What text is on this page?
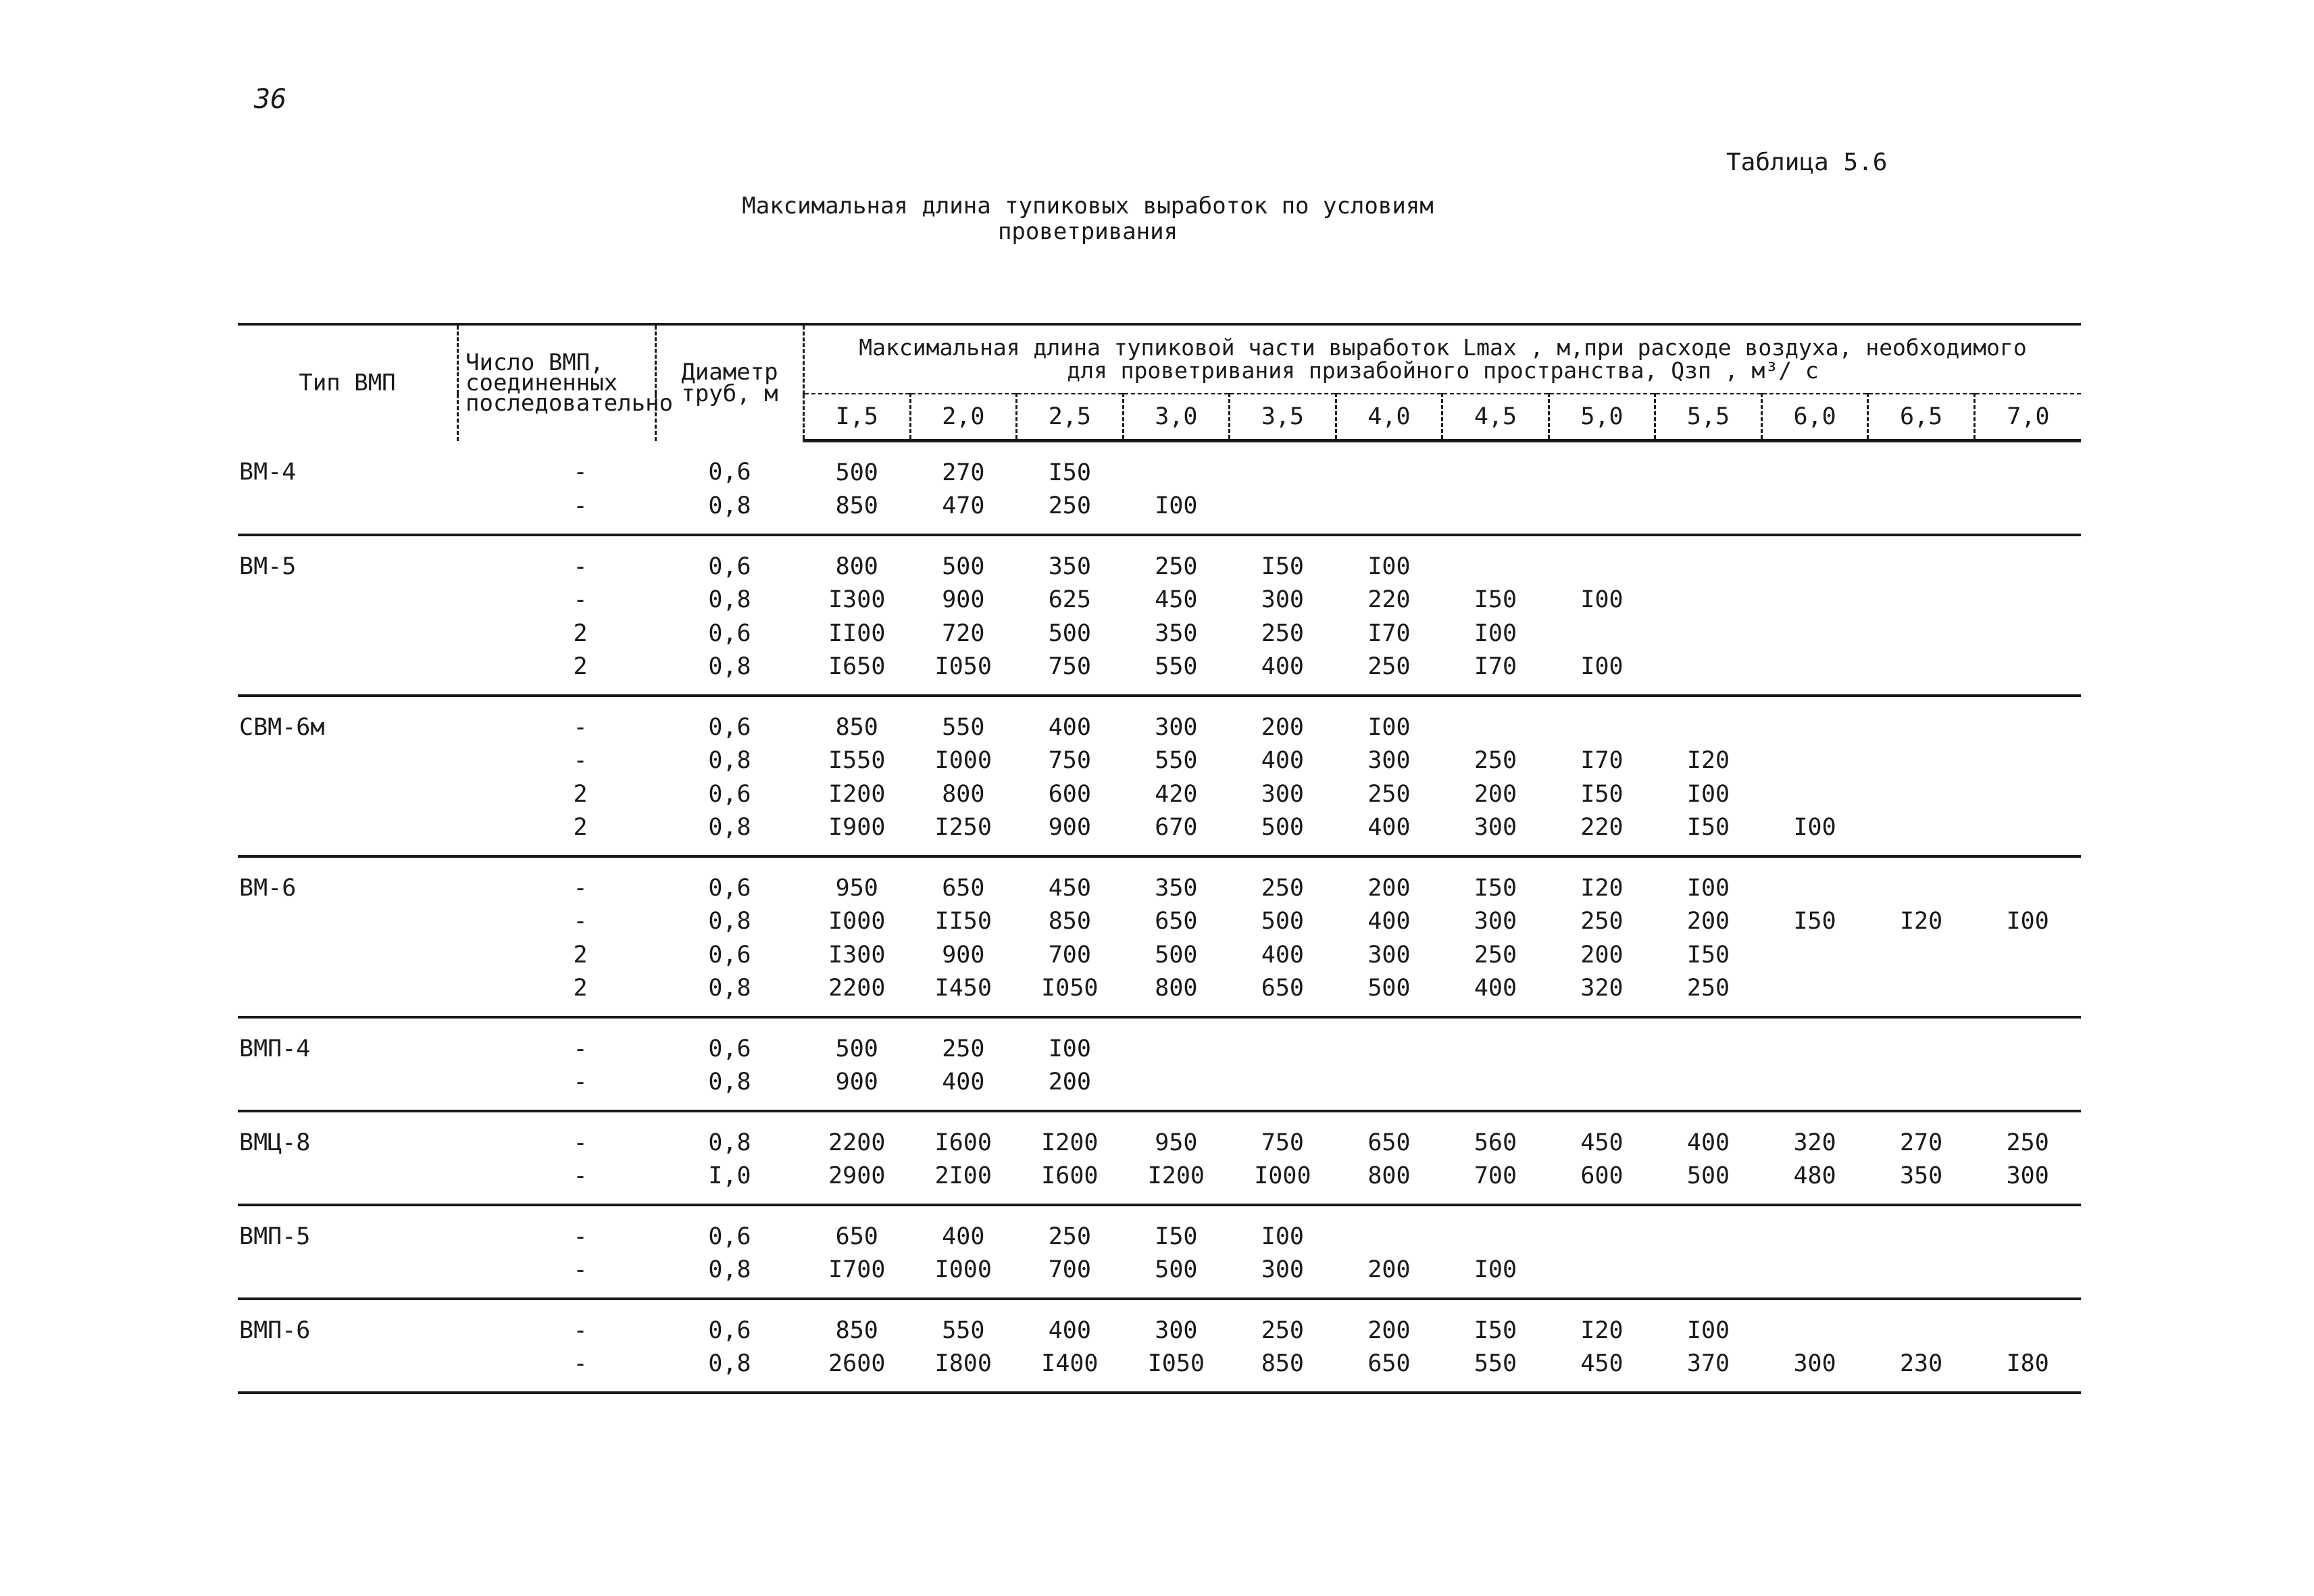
36
Таблица 5.6
Максимальная длина тупиковых выработок по условиям
проветривания
Тип ВМП	Число ВМП, соединенных последовательно	Диаметр труб, м	Максимальная длина тупиковой части выработок Lmax , м,при расходе воздуха, необходимого
для проветривания призабойного пространства, Qзп , м³/ с											

			I,5	2,0	2,5	3,0	3,5	4,0	4,5	5,0	5,5	6,0	6,5	7,0
ВМ-4	-	0,6	500	270	I50									
	-	0,8	850	470	250	I00								
ВМ-5	-	0,6	800	500	350	250	I50	I00						
	-	0,8	I300	900	625	450	300	220	I50	I00				
	2	0,6	II00	720	500	350	250	I70	I00					
	2	0,8	I650	I050	750	550	400	250	I70	I00				
СВМ-6м	-	0,6	850	550	400	300	200	I00						
	-	0,8	I550	I000	750	550	400	300	250	I70	I20			
	2	0,6	I200	800	600	420	300	250	200	I50	I00			
	2	0,8	I900	I250	900	670	500	400	300	220	I50	I00		
ВМ-6	-	0,6	950	650	450	350	250	200	I50	I20	I00			
	-	0,8	I000	II50	850	650	500	400	300	250	200	I50	I20	I00
	2	0,6	I300	900	700	500	400	300	250	200	I50			
	2	0,8	2200	I450	I050	800	650	500	400	320	250			
ВМП-4	-	0,6	500	250	I00									
	-	0,8	900	400	200									
ВМЦ-8	-	0,8	2200	I600	I200	950	750	650	560	450	400	320	270	250
	-	I,0	2900	2I00	I600	I200	I000	800	700	600	500	480	350	300
ВМП-5	-	0,6	650	400	250	I50	I00							
	-	0,8	I700	I000	700	500	300	200	I00					
ВМП-6	-	0,6	850	550	400	300	250	200	I50	I20	I00			
	-	0,8	2600	I800	I400	I050	850	650	550	450	370	300	230	I80
